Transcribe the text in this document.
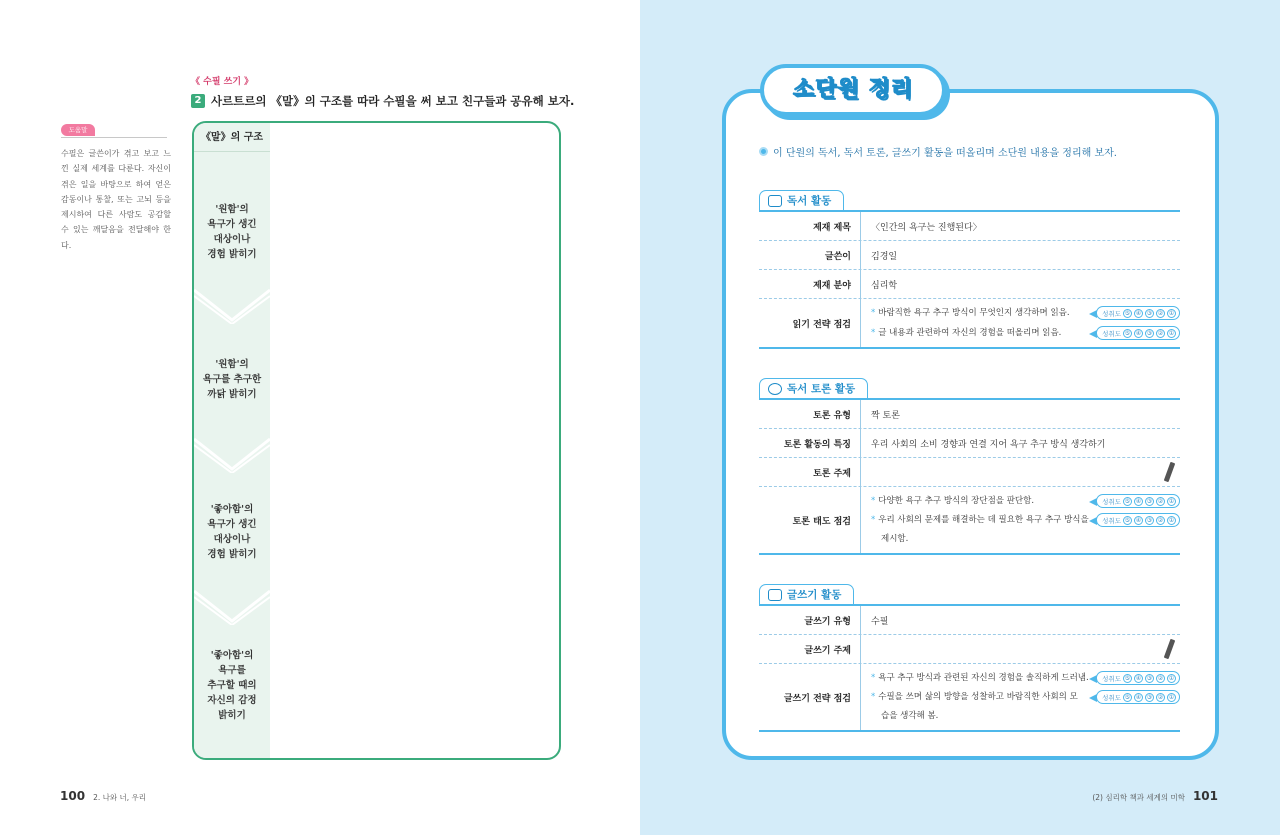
《 수필 쓰기 》
2 사르트르의 《말》의 구조를 따라 수필을 써 보고 친구들과 공유해 보자.
도움말
수필은 글쓴이가 겪고 보고 느낀 실제 세계를 다룬다. 자신이 겪은 일을 바탕으로 하여 얻은 감동이나 통찰, 또는 고뇌 등을 제시하여 다른 사람도 공감할 수 있는 깨달음을 전달해야 한다.
《말》의 구조
'원함'의
욕구가 생긴
대상이나
경험 밝히기
'원함'의
욕구를 추구한
까닭 밝히기
'좋아함'의
욕구가 생긴
대상이나
경험 밝히기
'좋아함'의
욕구를
추구할 때의
자신의 감정
밝히기
100 2. 나와 너, 우리
소단원 정리
이 단원의 독서, 독서 토론, 글쓰기 활동을 떠올리며 소단원 내용을 정리해 보자.
독서 활동
제재 제목	〈인간의 욕구는 진행된다〉
글쓴이	김경일
제재 분야	심리학
읽기 전략 점검
* 바람직한 욕구 추구 방식이 무엇인지 생각하며 읽음.	성취도 ⑤ ④ ③ ② ①
* 글 내용과 관련하여 자신의 경험을 떠올리며 읽음.	성취도 ⑤ ④ ③ ② ①
독서 토론 활동
토론 유형	짝 토론
토론 활동의 특징	우리 사회의 소비 경향과 연결 지어 욕구 추구 방식 생각하기
토론 주제
토론 태도 점검
* 다양한 욕구 추구 방식의 장단점을 판단함.	성취도 ⑤ ④ ③ ② ①
* 우리 사회의 문제를 해결하는 데 필요한 욕구 추구 방식을 성취도 ⑤ ④ ③ ② ①
제시함.
글쓰기 활동
글쓰기 유형	수필
글쓰기 주제
글쓰기 전략 점검
* 욕구 추구 방식과 관련된 자신의 경험을 솔직하게 드러냄. 성취도 ⑤ ④ ③ ② ①
* 수필을 쓰며 삶의 방향을 성찰하고 바람직한 사회의 모	성취도 ⑤ ④ ③ ② ①
습을 생각해 봄.
(2) 심리학 책과 세계의 미학 101
